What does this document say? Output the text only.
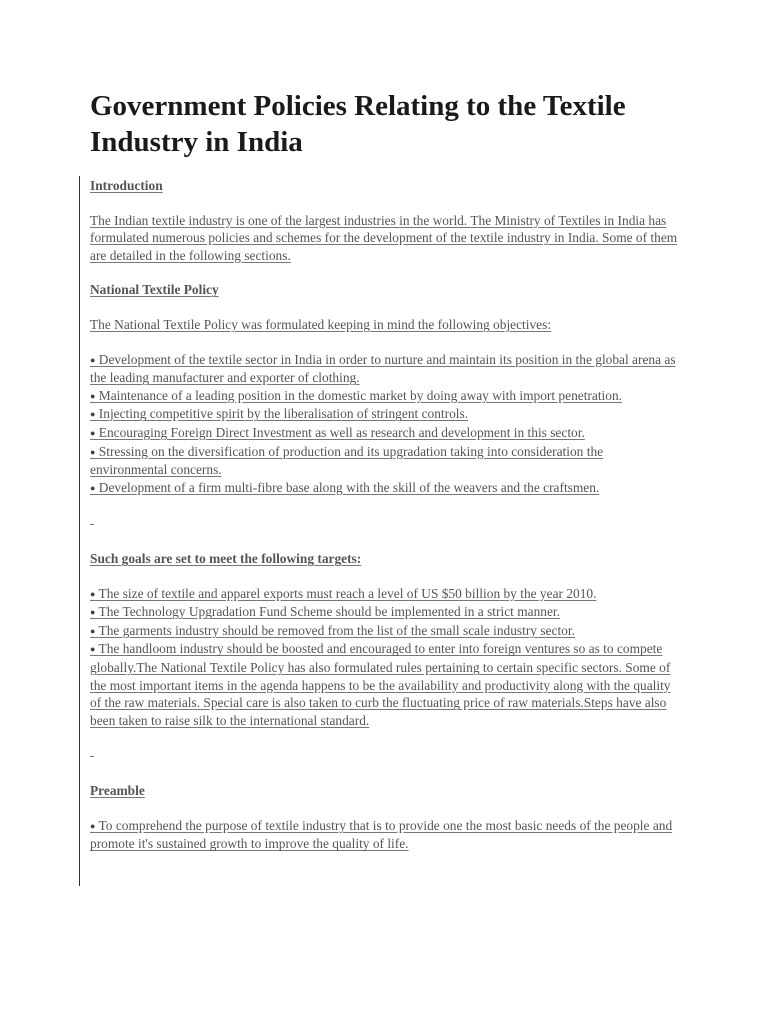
Government Policies Relating to the Textile Industry in India

Introduction

The Indian textile industry is one of the largest industries in the world. The Ministry of Textiles in India has formulated numerous policies and schemes for the development of the textile industry in India. Some of them are detailed in the following sections.

National Textile Policy

The National Textile Policy was formulated keeping in mind the following objectives:

● Development of the textile sector in India in order to nurture and maintain its position in the global arena as the leading manufacturer and exporter of clothing.
● Maintenance of a leading position in the domestic market by doing away with import penetration.
● Injecting competitive spirit by the liberalisation of stringent controls.
● Encouraging Foreign Direct Investment as well as research and development in this sector.
● Stressing on the diversification of production and its upgradation taking into consideration the environmental concerns.
● Development of a firm multi-fibre base along with the skill of the weavers and the craftsmen.

Such goals are set to meet the following targets:

● The size of textile and apparel exports must reach a level of US $50 billion by the year 2010.
● The Technology Upgradation Fund Scheme should be implemented in a strict manner.
● The garments industry should be removed from the list of the small scale industry sector.
● The handloom industry should be boosted and encouraged to enter into foreign ventures so as to compete globally.The National Textile Policy has also formulated rules pertaining to certain specific sectors. Some of the most important items in the agenda happens to be the availability and productivity along with the quality of the raw materials. Special care is also taken to curb the fluctuating price of raw materials.Steps have also been taken to raise silk to the international standard.

Preamble

● To comprehend the purpose of textile industry that is to provide one the most basic needs of the people and promote it's sustained growth to improve the quality of life.
